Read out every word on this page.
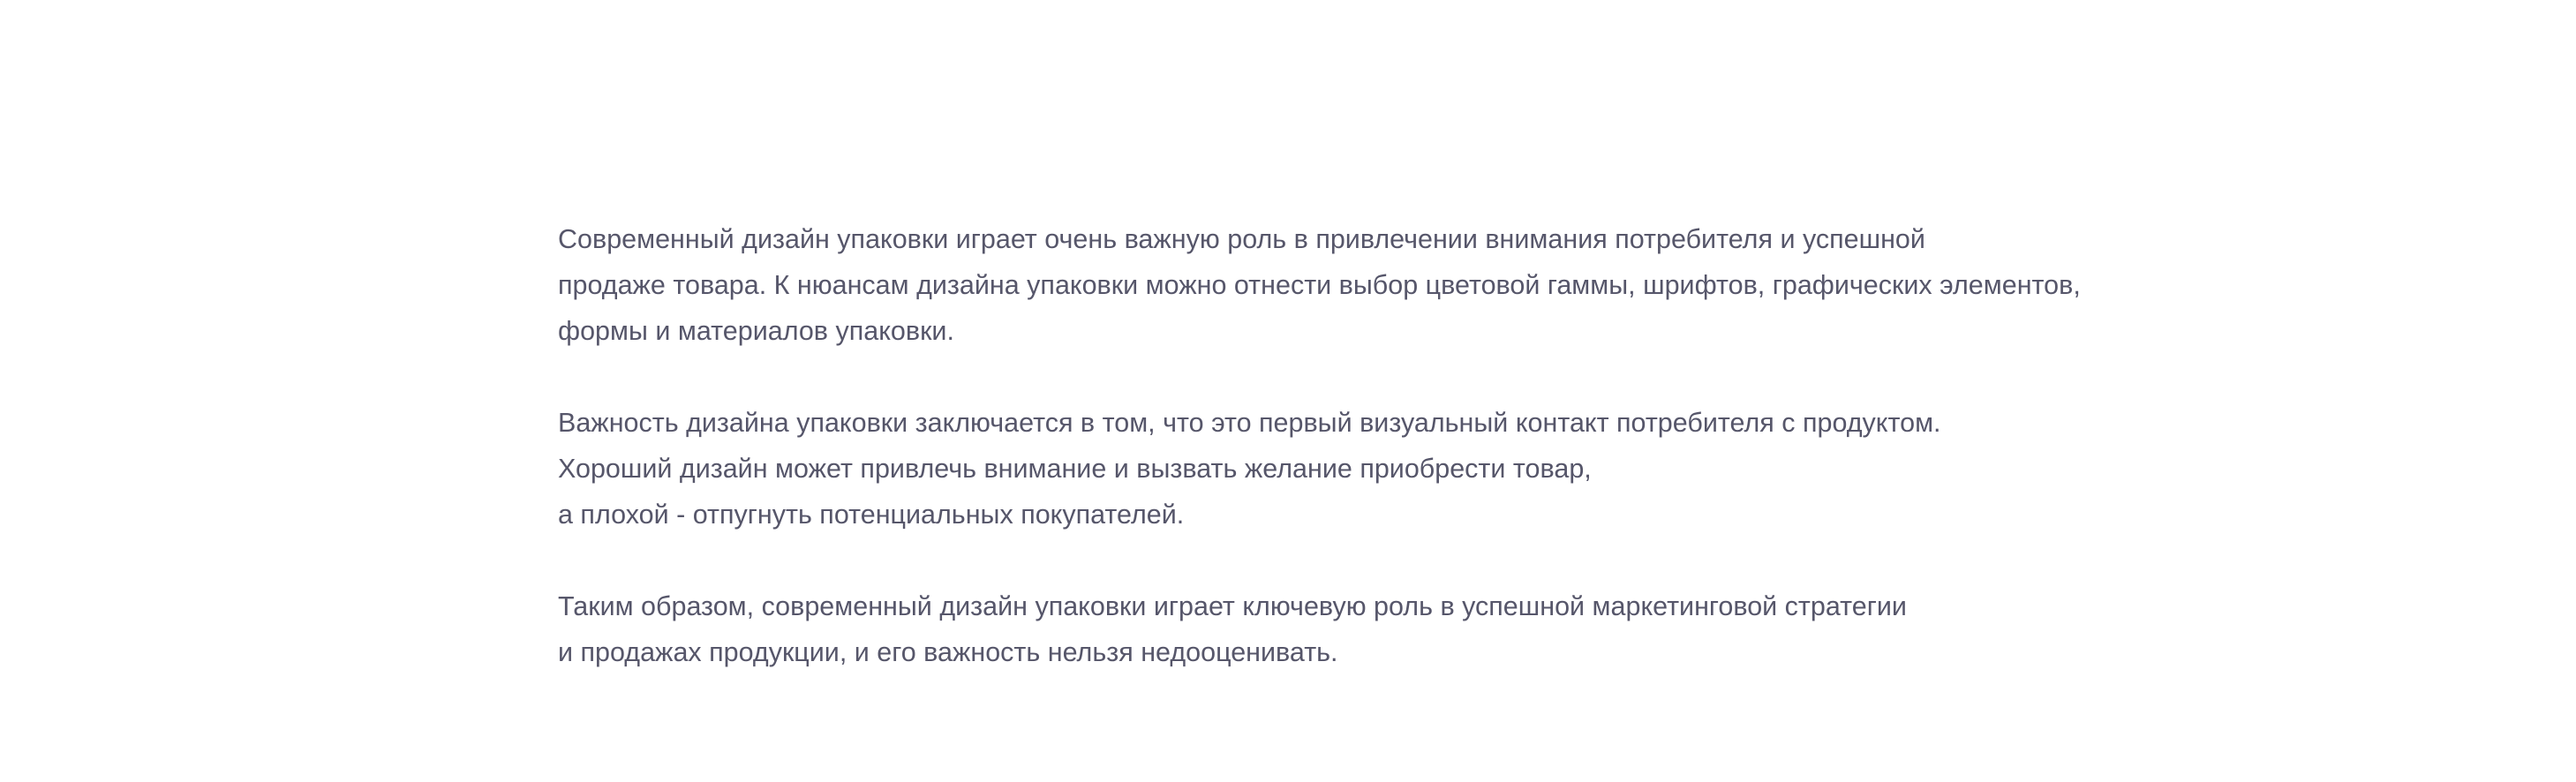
Современный дизайн упаковки играет очень важную роль в привлечении внимания потребителя и успешной
продаже товара. К нюансам дизайна упаковки можно отнести выбор цветовой гаммы, шрифтов, графических элементов,
формы и материалов упаковки.

Важность дизайна упаковки заключается в том, что это первый визуальный контакт потребителя с продуктом.
Хороший дизайн может привлечь внимание и вызвать желание приобрести товар,
а плохой - отпугнуть потенциальных покупателей.

Таким образом, современный дизайн упаковки играет ключевую роль в успешной маркетинговой стратегии
и продажах продукции, и его важность нельзя недооценивать.
